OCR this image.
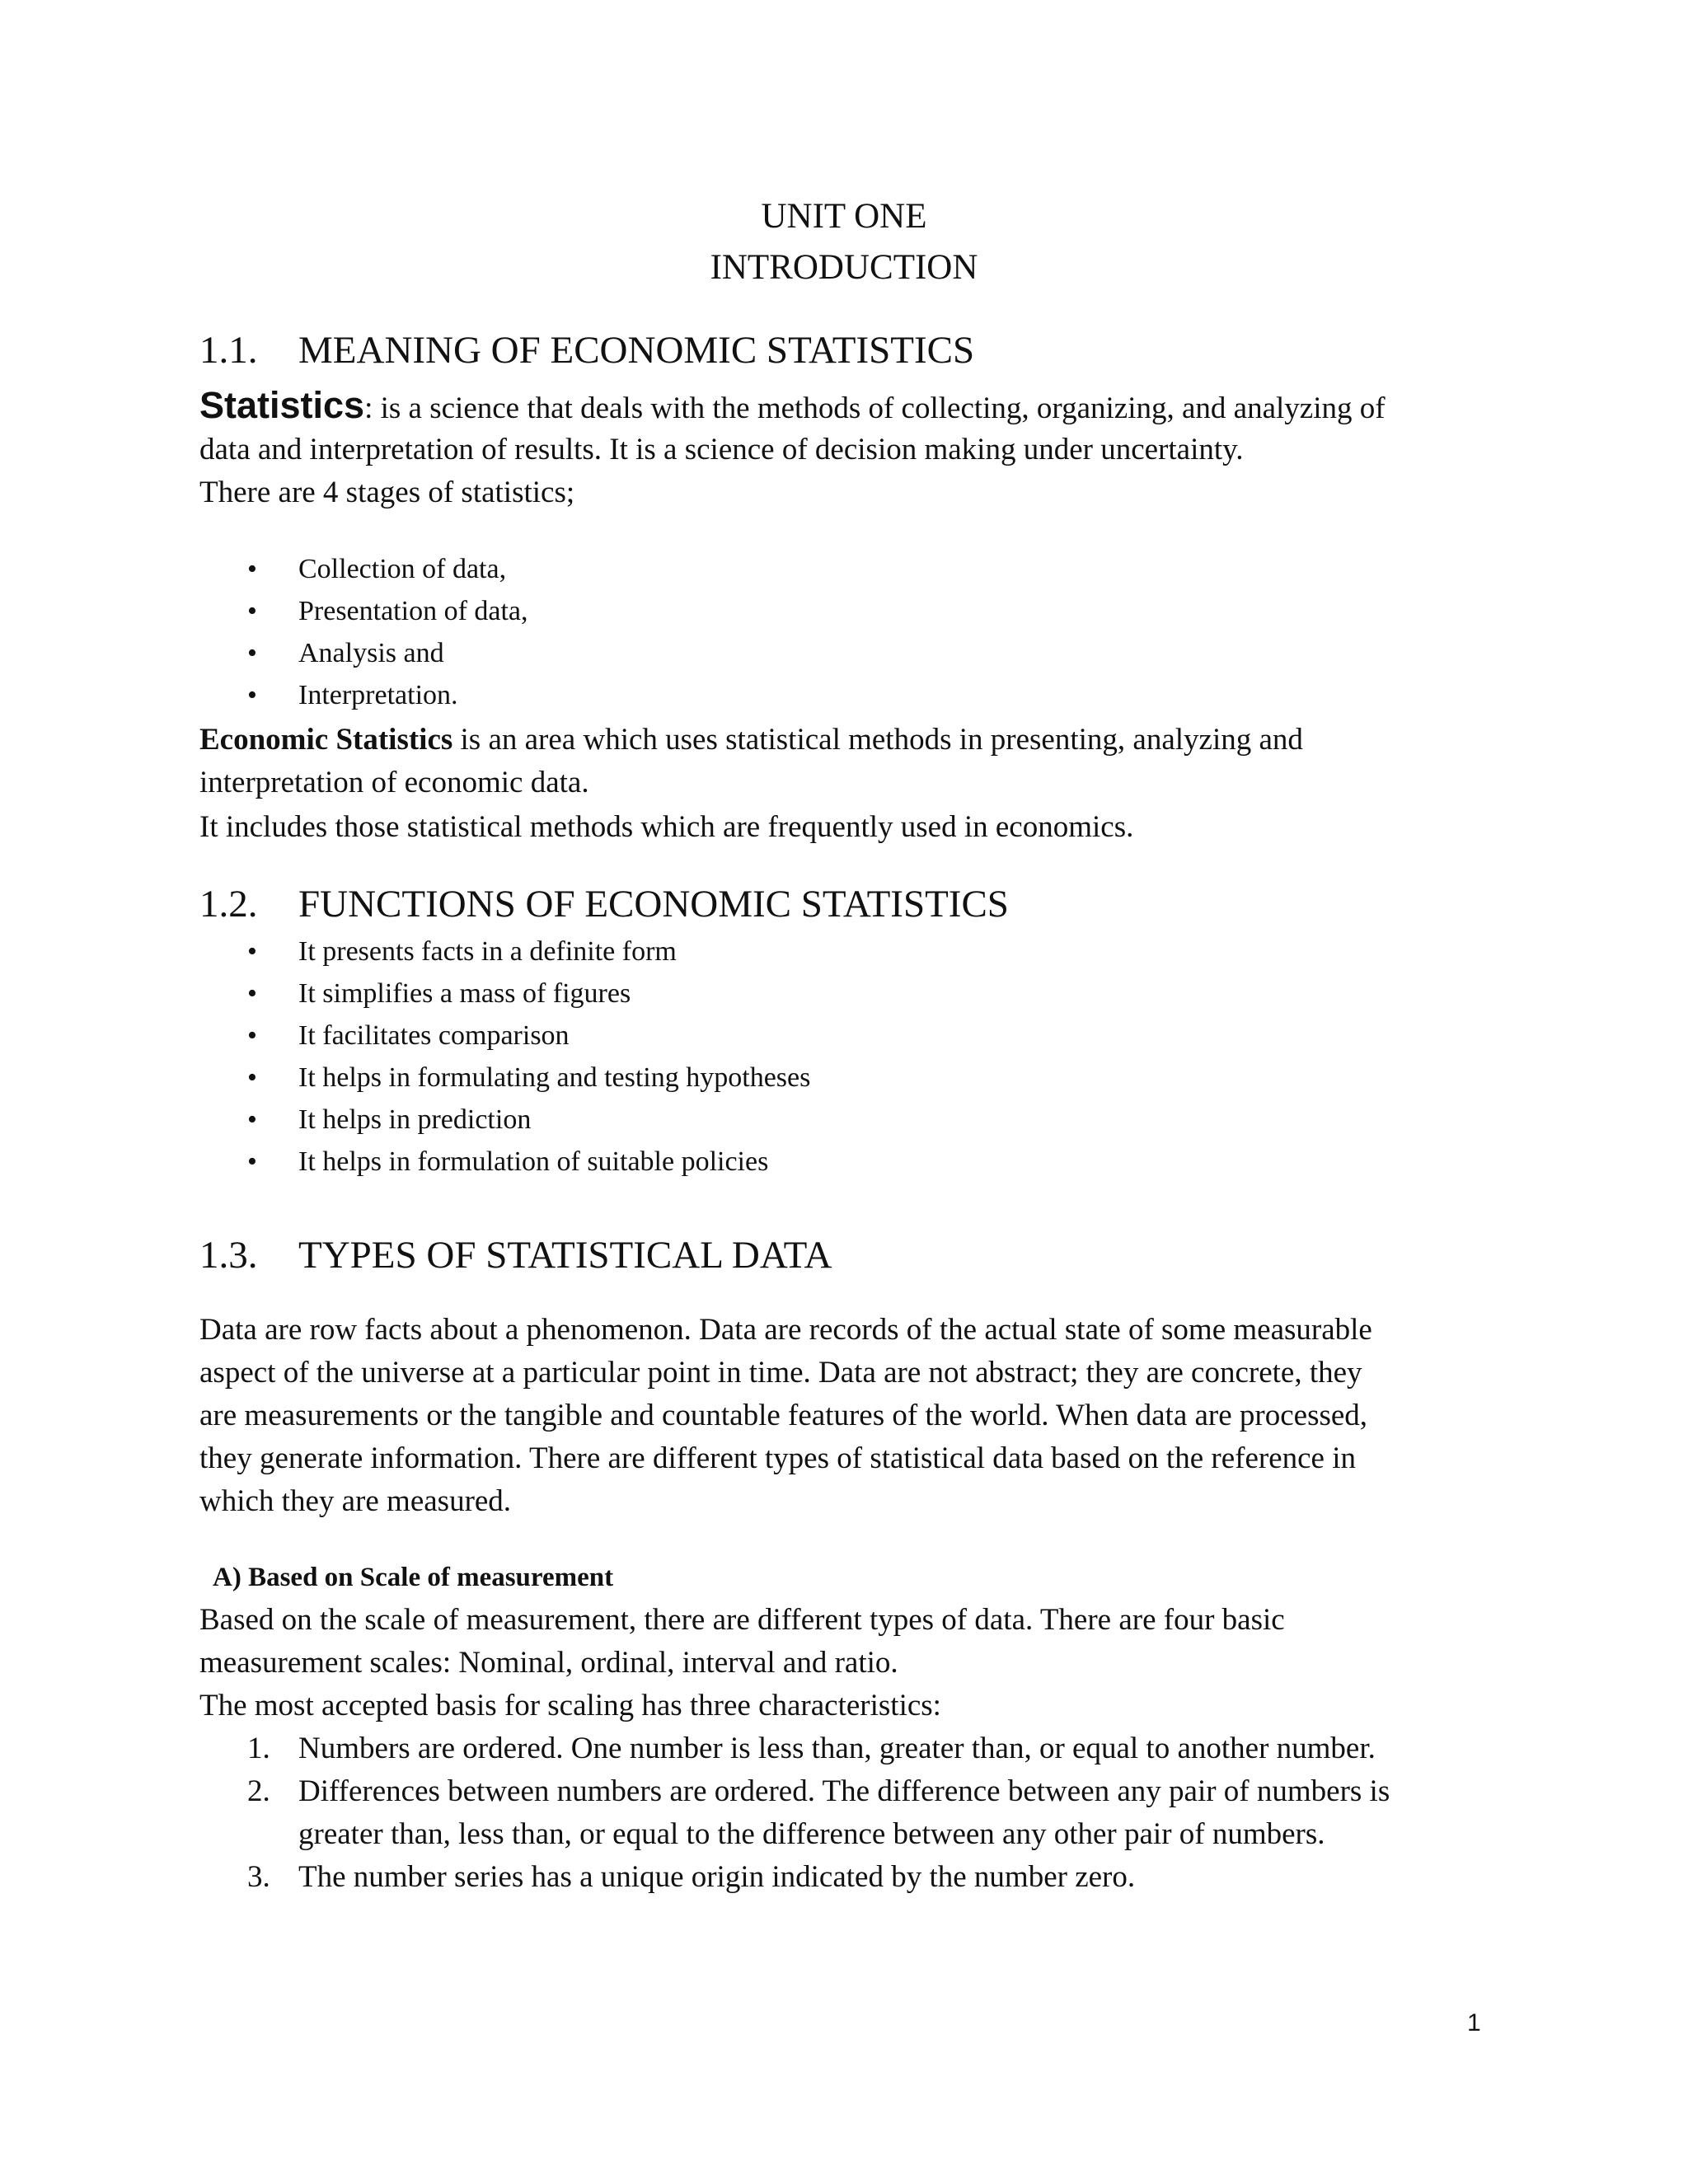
UNIT ONE
INTRODUCTION
1.1. MEANING OF ECONOMIC STATISTICS
Statistics: is a science that deals with the methods of collecting, organizing, and analyzing of
data and interpretation of results. It is a science of decision making under uncertainty.
There are 4 stages of statistics;
Collection of data,
Presentation of data,
Analysis and
Interpretation.
Economic Statistics is an area which uses statistical methods in presenting, analyzing and
interpretation of economic data.
It includes those statistical methods which are frequently used in economics.
1.2. FUNCTIONS OF ECONOMIC STATISTICS
It presents facts in a definite form
It simplifies a mass of figures
It facilitates comparison
It helps in formulating and testing hypotheses
It helps in prediction
It helps in formulation of suitable policies
1.3. TYPES OF STATISTICAL DATA
Data are row facts about a phenomenon. Data are records of the actual state of some measurable
aspect of the universe at a particular point in time. Data are not abstract; they are concrete, they
are measurements or the tangible and countable features of the world. When data are processed,
they generate information. There are different types of statistical data based on the reference in
which they are measured.
A) Based on Scale of measurement
Based on the scale of measurement, there are different types of data. There are four basic
measurement scales: Nominal, ordinal, interval and ratio.
The most accepted basis for scaling has three characteristics:
1. Numbers are ordered. One number is less than, greater than, or equal to another number.
2. Differences between numbers are ordered. The difference between any pair of numbers is
greater than, less than, or equal to the difference between any other pair of numbers.
3. The number series has a unique origin indicated by the number zero.
1
